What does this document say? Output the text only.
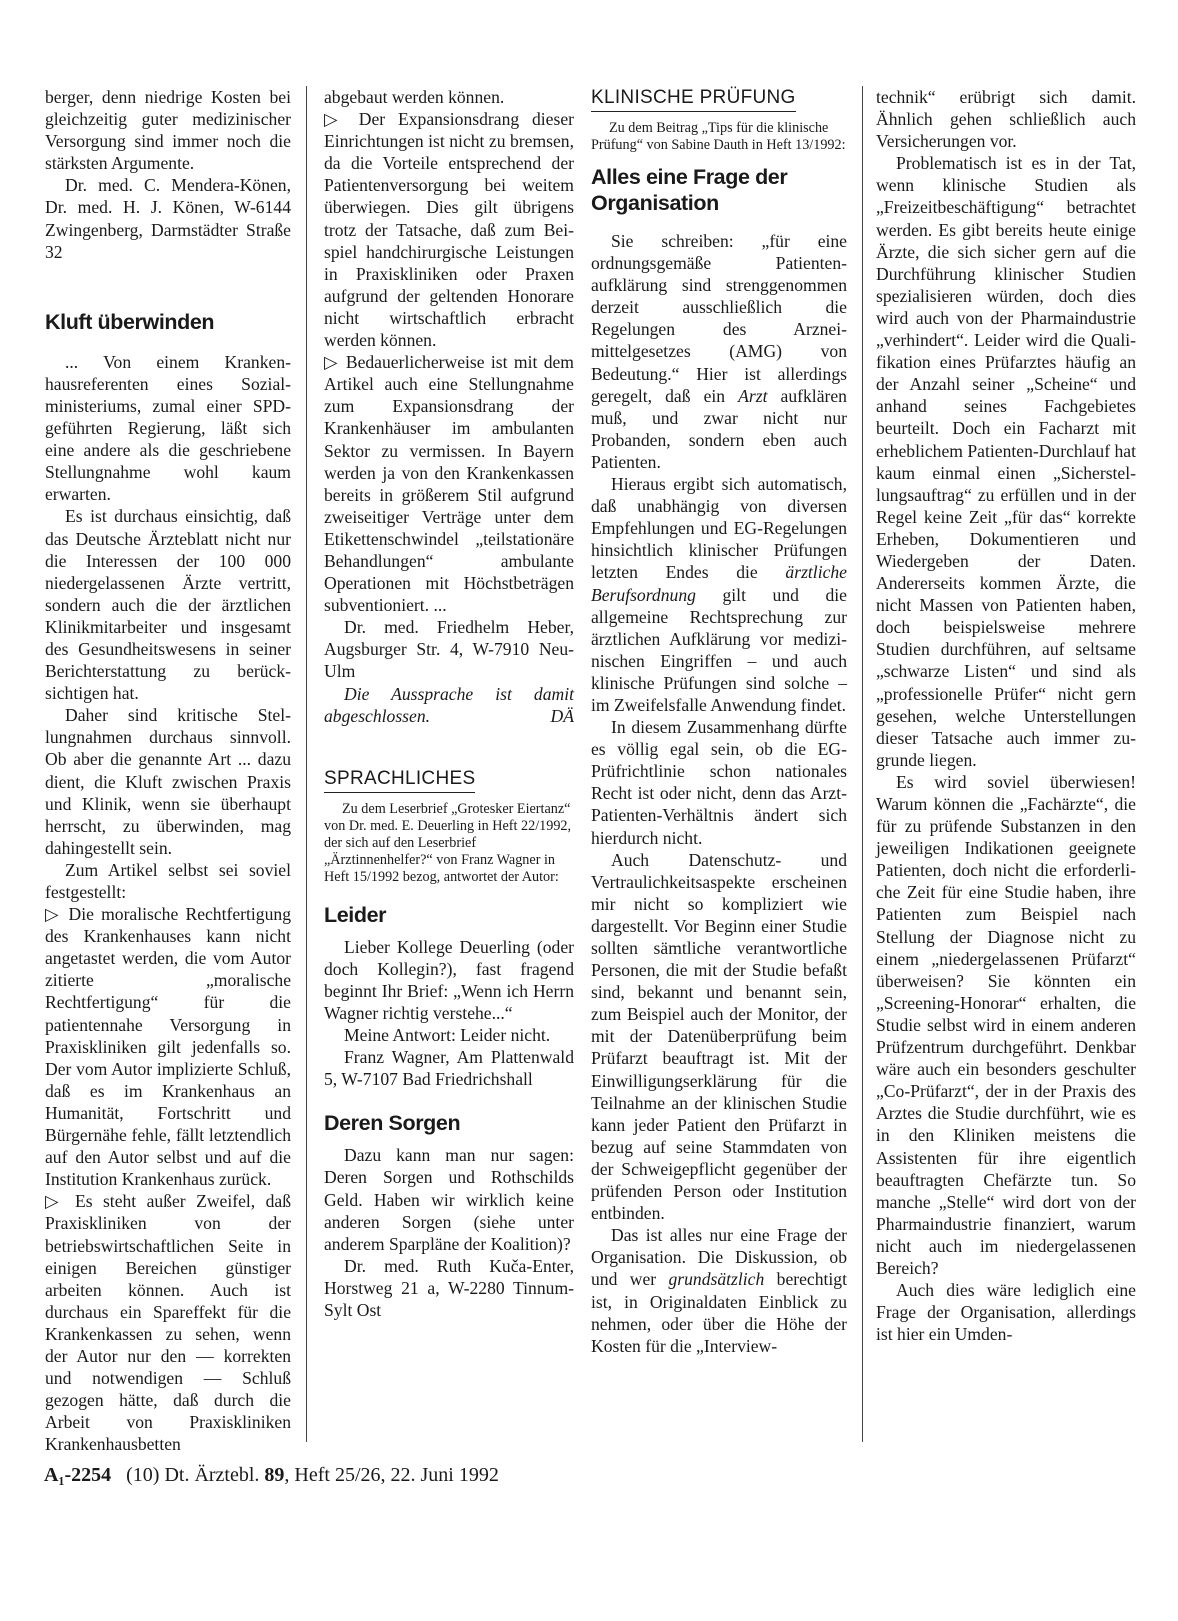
berger, denn niedrige Kosten bei gleichzeitig guter medizinischer Versorgung sind immer noch die stärksten Argumente.

Dr. med. C. Mendera-Könen, Dr. med. H. J. Könen, W-6144 Zwingenberg, Darmstädter Straße 32

Kluft überwinden

... Von einem Krankenhausreferenten eines Sozialministeriums, zumal einer SPD-geführten Regierung, läßt sich eine andere als die geschriebene Stellungnahme wohl kaum erwarten.

Es ist durchaus einsichtig, daß das Deutsche Ärzteblatt nicht nur die Interessen der 100 000 niedergelassenen Ärzte vertritt, sondern auch die der ärztlichen Klinikmitarbeiter und insgesamt des Gesundheitswesens in seiner Berichterstattung zu berücksichtigen hat.

Daher sind kritische Stellungnahmen durchaus sinnvoll. Ob aber die genannte Art ... dazu dient, die Kluft zwischen Praxis und Klinik, wenn sie überhaupt herrscht, zu überwinden, mag dahingestellt sein.

Zum Artikel selbst sei soviel festgestellt:

▷ Die moralische Rechtfertigung des Krankenhauses kann nicht angetastet werden, die vom Autor zitierte „moralische Rechtfertigung“ für die patientennahe Versorgung in Praxiskliniken gilt jedenfalls so. Der vom Autor implizierte Schluß, daß es im Krankenhaus an Humanität, Fortschritt und Bürgernähe fehle, fällt letztendlich auf den Autor selbst und auf die Institution Krankenhaus zurück.

▷ Es steht außer Zweifel, daß Praxiskliniken von der betriebswirtschaftlichen Seite in einigen Bereichen günstiger arbeiten können. Auch ist durchaus ein Spareffekt für die Krankenkassen zu sehen, wenn der Autor nur den — korrekten und notwendigen — Schluß gezogen hätte, daß durch die Arbeit von Praxiskliniken Krankenhausbetten

abgebaut werden können.

▷ Der Expansionsdrang dieser Einrichtungen ist nicht zu bremsen, da die Vorteile entsprechend der Patientenversorgung bei weitem überwiegen. Dies gilt übrigens trotz der Tatsache, daß zum Beispiel handchirurgische Leistungen in Praxiskliniken oder Praxen aufgrund der geltenden Honorare nicht wirtschaftlich erbracht werden können.

▷ Bedauerlicherweise ist mit dem Artikel auch eine Stellungnahme zum Expansionsdrang der Krankenhäuser im ambulanten Sektor zu vermissen. In Bayern werden ja von den Krankenkassen bereits in größerem Stil aufgrund zweiseitiger Verträge unter dem Etikettenschwindel „teilstationäre Behandlungen“ ambulante Operationen mit Höchstbeträgen subventioniert. ...

Dr. med. Friedhelm Heber, Augsburger Str. 4, W-7910 Neu-Ulm

Die Aussprache ist damit abgeschlossen.	DÄ

SPRACHLICHES

Zu dem Leserbrief „Grotesker Eiertanz“ von Dr. med. E. Deuerling in Heft 22/1992, der sich auf den Leserbrief „Ärztinnenhelfer?“ von Franz Wagner in Heft 15/1992 bezog, antwortet der Autor:

Leider

Lieber Kollege Deuerling (oder doch Kollegin?), fast fragend beginnt Ihr Brief: „Wenn ich Herrn Wagner richtig verstehe...“

Meine Antwort: Leider nicht.

Franz Wagner, Am Plattenwald 5, W-7107 Bad Friedrichshall

Deren Sorgen

Dazu kann man nur sagen: Deren Sorgen und Rothschilds Geld. Haben wir wirklich keine anderen Sorgen (siehe unter anderem Sparpläne der Koalition)?

Dr. med. Ruth Kuča-Enter, Horstweg 21 a, W-2280 Tinnum-Sylt Ost

KLINISCHE PRÜFUNG

Zu dem Beitrag „Tips für die klinische Prüfung“ von Sabine Dauth in Heft 13/1992:

Alles eine Frage der Organisation

Sie schreiben: „für eine ordnungsgemäße Patientenaufklärung sind strenggenommen derzeit ausschließlich die Regelungen des Arzneimittelgesetzes (AMG) von Bedeutung.“ Hier ist allerdings geregelt, daß ein Arzt aufklären muß, und zwar nicht nur Probanden, sondern eben auch Patienten.

Hieraus ergibt sich automatisch, daß unabhängig von diversen Empfehlungen und EG-Regelungen hinsichtlich klinischer Prüfungen letzten Endes die ärztliche Berufsordnung gilt und die allgemeine Rechtsprechung zur ärztlichen Aufklärung vor medizinischen Eingriffen – und auch klinische Prüfungen sind solche – im Zweifelsfalle Anwendung findet.

In diesem Zusammenhang dürfte es völlig egal sein, ob die EG-Prüfrichtlinie schon nationales Recht ist oder nicht, denn das Arzt-Patienten-Verhältnis ändert sich hierdurch nicht.

Auch Datenschutz- und Vertraulichkeitsaspekte erscheinen mir nicht so kompliziert wie dargestellt. Vor Beginn einer Studie sollten sämtliche verantwortliche Personen, die mit der Studie befaßt sind, bekannt und benannt sein, zum Beispiel auch der Monitor, der mit der Datenüberprüfung beim Prüfarzt beauftragt ist. Mit der Einwilligungserklärung für die Teilnahme an der klinischen Studie kann jeder Patient den Prüfarzt in bezug auf seine Stammdaten von der Schweigepflicht gegenüber der prüfenden Person oder Institution entbinden.

Das ist alles nur eine Frage der Organisation. Die Diskussion, ob und wer grundsätzlich berechtigt ist, in Originaldaten Einblick zu nehmen, oder über die Höhe der Kosten für die „Interview-

technik“ erübrigt sich damit. Ähnlich gehen schließlich auch Versicherungen vor.

Problematisch ist es in der Tat, wenn klinische Studien als „Freizeitbeschäftigung“ betrachtet werden. Es gibt bereits heute einige Ärzte, die sich sicher gern auf die Durchführung klinischer Studien spezialisieren würden, doch dies wird auch von der Pharmaindustrie „verhindert“. Leider wird die Qualifikation eines Prüfarztes häufig an der Anzahl seiner „Scheine“ und anhand seines Fachgebietes beurteilt. Doch ein Facharzt mit erheblichem Patienten-Durchlauf hat kaum einmal einen „Sicherstellungsauftrag“ zu erfüllen und in der Regel keine Zeit „für das“ korrekte Erheben, Dokumentieren und Wiedergeben der Daten. Andererseits kommen Ärzte, die nicht Massen von Patienten haben, doch beispielsweise mehrere Studien durchführen, auf seltsame „schwarze Listen“ und sind als „professionelle Prüfer“ nicht gern gesehen, welche Unterstellungen dieser Tatsache auch immer zugrunde liegen.

Es wird soviel überwiesen! Warum können die „Fachärzte“, die für zu prüfende Substanzen in den jeweiligen Indikationen geeignete Patienten, doch nicht die erforderliche Zeit für eine Studie haben, ihre Patienten zum Beispiel nach Stellung der Diagnose nicht zu einem „niedergelassenen Prüfarzt“ überweisen? Sie könnten ein „Screening-Honorar“ erhalten, die Studie selbst wird in einem anderen Prüfzentrum durchgeführt. Denkbar wäre auch ein besonders geschulter „Co-Prüfarzt“, der in der Praxis des Arztes die Studie durchführt, wie es in den Kliniken meistens die Assistenten für ihre eigentlich beauftragten Chefärzte tun. So manche „Stelle“ wird dort von der Pharmaindustrie finanziert, warum nicht auch im niedergelassenen Bereich?

Auch dies wäre lediglich eine Frage der Organisation, allerdings ist hier ein Umden-

A₁-2254 (10) Dt. Ärztebl. 89, Heft 25/26, 22. Juni 1992
